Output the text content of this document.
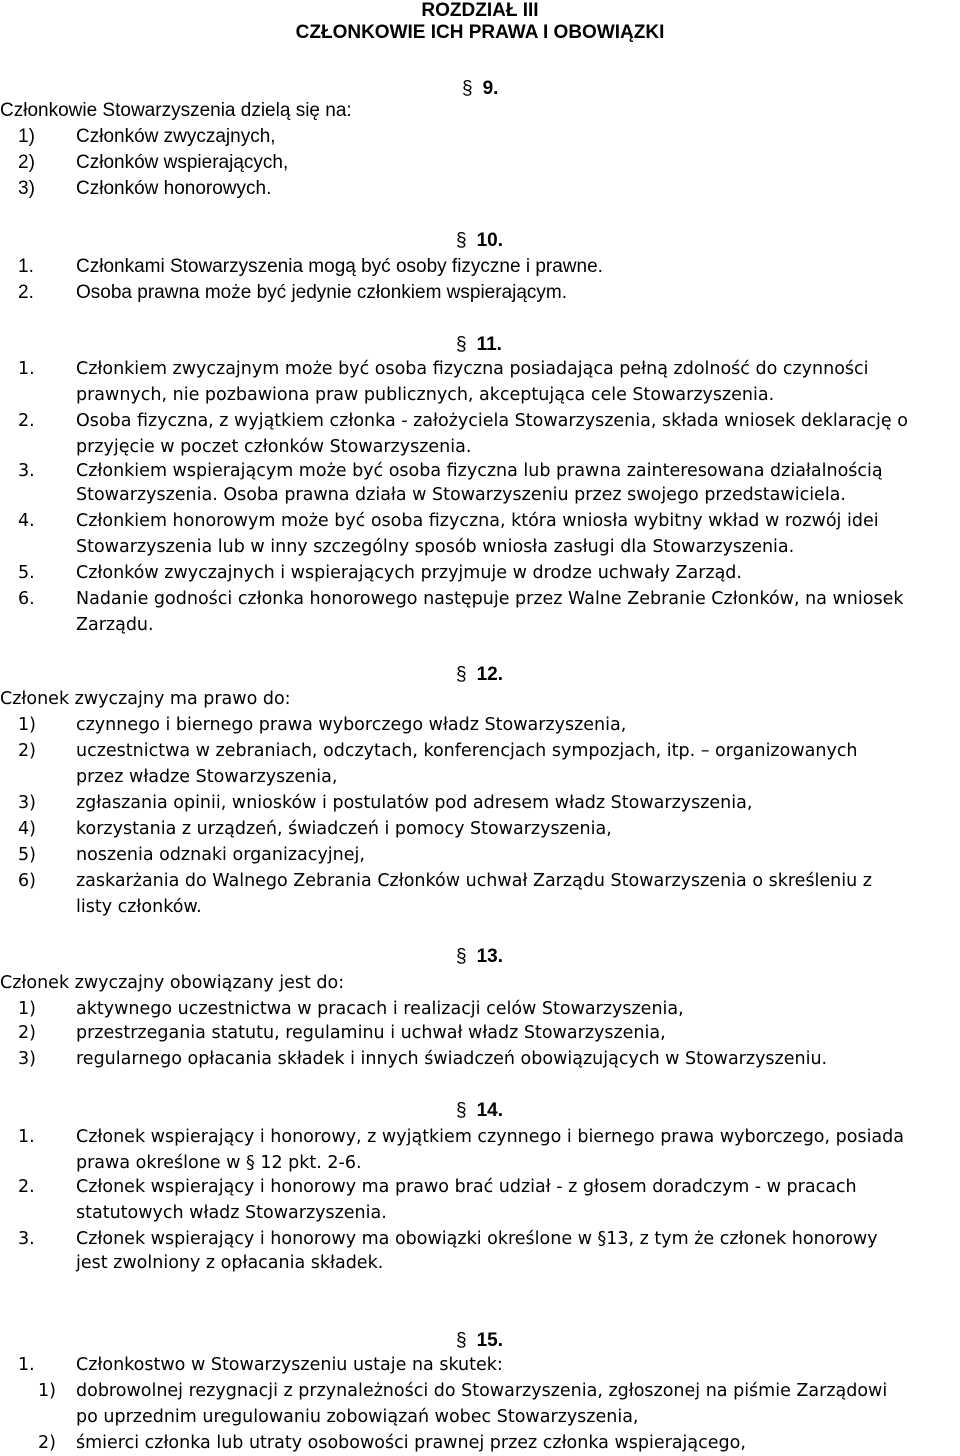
ROZDZIAŁ III
CZŁONKOWIE ICH PRAWA I OBOWIĄZKI
§ 9.
Członkowie Stowarzyszenia dzielą się na:
1) Członków zwyczajnych,
2) Członków wspierających,
3) Członków honorowych.
§ 10.
1. Członkami Stowarzyszenia mogą być osoby fizyczne i prawne.
2. Osoba prawna może być jedynie członkiem wspierającym.
§ 11.
1. Członkiem zwyczajnym może być osoba fizyczna posiadająca pełną zdolność do czynności
prawnych, nie pozbawiona praw publicznych, akceptująca cele Stowarzyszenia.
2. Osoba fizyczna, z wyjątkiem członka - założyciela Stowarzyszenia, składa wniosek deklarację o
przyjęcie w poczet członków Stowarzyszenia.
3. Członkiem wspierającym może być osoba fizyczna lub prawna zainteresowana działalnością
Stowarzyszenia. Osoba prawna działa w Stowarzyszeniu przez swojego przedstawiciela.
4. Członkiem honorowym może być osoba fizyczna, która wniosła wybitny wkład w rozwój idei
Stowarzyszenia lub w inny szczególny sposób wniosła zasługi dla Stowarzyszenia.
5. Członków zwyczajnych i wspierających przyjmuje w drodze uchwały Zarząd.
6. Nadanie godności członka honorowego następuje przez Walne Zebranie Członków, na wniosek
Zarządu.
§ 12.
Członek zwyczajny ma prawo do:
1) czynnego i biernego prawa wyborczego władz Stowarzyszenia,
2) uczestnictwa w zebraniach, odczytach, konferencjach sympozjach, itp. – organizowanych
przez władze Stowarzyszenia,
3) zgłaszania opinii, wniosków i postulatów pod adresem władz Stowarzyszenia,
4) korzystania z urządzeń, świadczeń i pomocy Stowarzyszenia,
5) noszenia odznaki organizacyjnej,
6) zaskarżania do Walnego Zebrania Członków uchwał Zarządu Stowarzyszenia o skreśleniu z
listy członków.
§ 13.
Członek zwyczajny obowiązany jest do:
1) aktywnego uczestnictwa w pracach i realizacji celów Stowarzyszenia,
2) przestrzegania statutu, regulaminu i uchwał władz Stowarzyszenia,
3) regularnego opłacania składek i innych świadczeń obowiązujących w Stowarzyszeniu.
§ 14.
1. Członek wspierający i honorowy, z wyjątkiem czynnego i biernego prawa wyborczego, posiada
prawa określone w § 12 pkt. 2-6.
2. Członek wspierający i honorowy ma prawo brać udział - z głosem doradczym - w pracach
statutowych władz Stowarzyszenia.
3. Członek wspierający i honorowy ma obowiązki określone w §13, z tym że członek honorowy
jest zwolniony z opłacania składek.
§ 15.
1. Członkostwo w Stowarzyszeniu ustaje na skutek:
1) dobrowolnej rezygnacji z przynależności do Stowarzyszenia, zgłoszonej na piśmie Zarządowi
po uprzednim uregulowaniu zobowiązań wobec Stowarzyszenia,
2) śmierci członka lub utraty osobowości prawnej przez członka wspierającego,
